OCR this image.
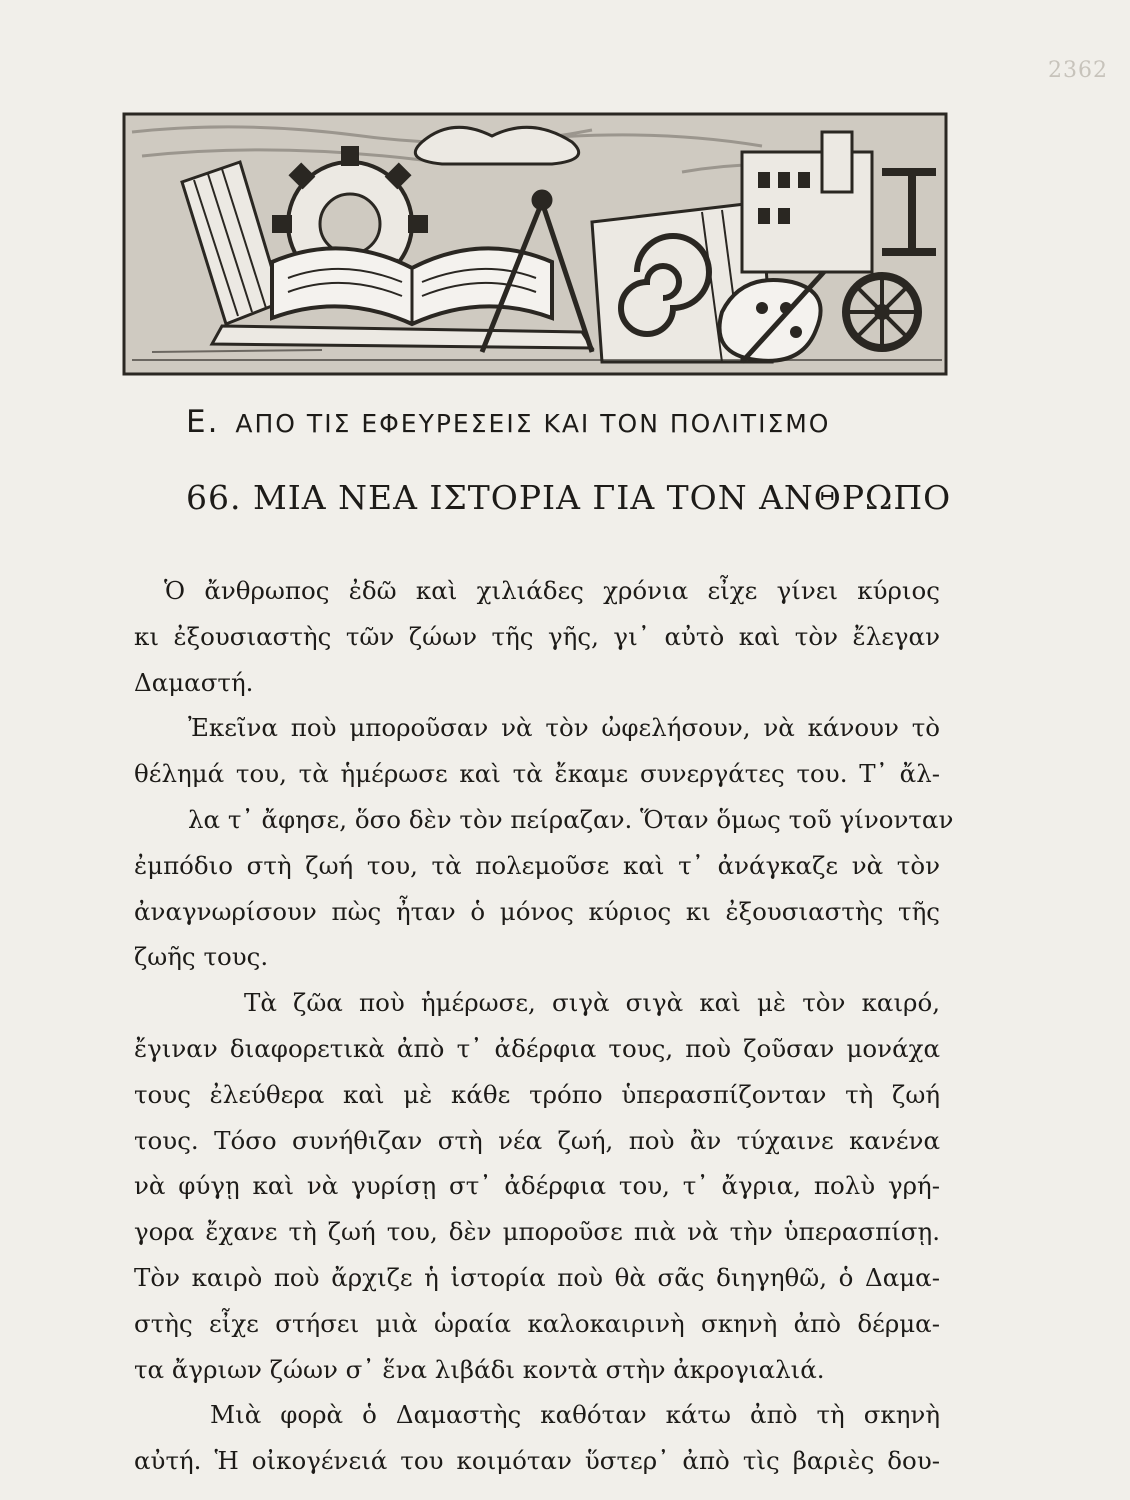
2362
Ε. ΑΠΟ ΤΙΣ ΕΦΕΥΡΕΣΕΙΣ ΚΑΙ ΤΟΝ ΠΟΛΙΤΙΣΜΟ
66. ΜΙΑ ΝΕΑ ΙΣΤΟΡΙΑ ΓΙΑ ΤΟΝ ΑΝΘΡΩΠΟ
Ὁ ἄνθρωπος ἐδῶ καὶ χιλιάδες χρόνια εἶχε γίνει κύριος
κι ἐξουσιαστὴς τῶν ζώων τῆς γῆς, γι᾿ αὐτὸ καὶ τὸν ἔλεγαν
Δαμαστή.
Ἐκεῖνα ποὺ μποροῦσαν νὰ τὸν ὠφελήσουν, νὰ κάνουν τὸ
θέλημά του, τὰ ἡμέρωσε καὶ τὰ ἔκαμε συνεργάτες του. Τ᾿ ἄλ-
λα τ᾿ ἄφησε, ὅσο δὲν τὸν πείραζαν. Ὅταν ὅμως τοῦ γίνονταν
ἐμπόδιο στὴ ζωή του, τὰ πολεμοῦσε καὶ τ᾿ ἀνάγκαζε νὰ τὸν
ἀναγνωρίσουν πὼς ἦταν ὁ μόνος κύριος κι ἐξουσιαστὴς τῆς
ζωῆς τους.
Τὰ ζῶα ποὺ ἡμέρωσε, σιγὰ σιγὰ καὶ μὲ τὸν καιρό,
ἔγιναν διαφορετικὰ ἀπὸ τ᾿ ἀδέρφια τους, ποὺ ζοῦσαν μονάχα
τους ἐλεύθερα καὶ μὲ κάθε τρόπο ὑπερασπίζονταν τὴ ζωή
τους. Τόσο συνήθιζαν στὴ νέα ζωή, ποὺ ἂν τύχαινε κανένα
νὰ φύγῃ καὶ νὰ γυρίσῃ στ᾿ ἀδέρφια του, τ᾿ ἄγρια, πολὺ γρή-
γορα ἔχανε τὴ ζωή του, δὲν μποροῦσε πιὰ νὰ τὴν ὑπερασπίσῃ.
Τὸν καιρὸ ποὺ ἄρχιζε ἡ ἱστορία ποὺ θὰ σᾶς διηγηθῶ, ὁ Δαμα-
στὴς εἶχε στήσει μιὰ ὡραία καλοκαιρινὴ σκηνὴ ἀπὸ δέρμα-
τα ἄγριων ζώων σ᾿ ἕνα λιβάδι κοντὰ στὴν ἀκρογιαλιά.
Μιὰ φορὰ ὁ Δαμαστὴς καθόταν κάτω ἀπὸ τὴ σκηνὴ
αὐτή. Ἡ οἰκογένειά του κοιμόταν ὕστερ᾿ ἀπὸ τὶς βαριὲς δου-
